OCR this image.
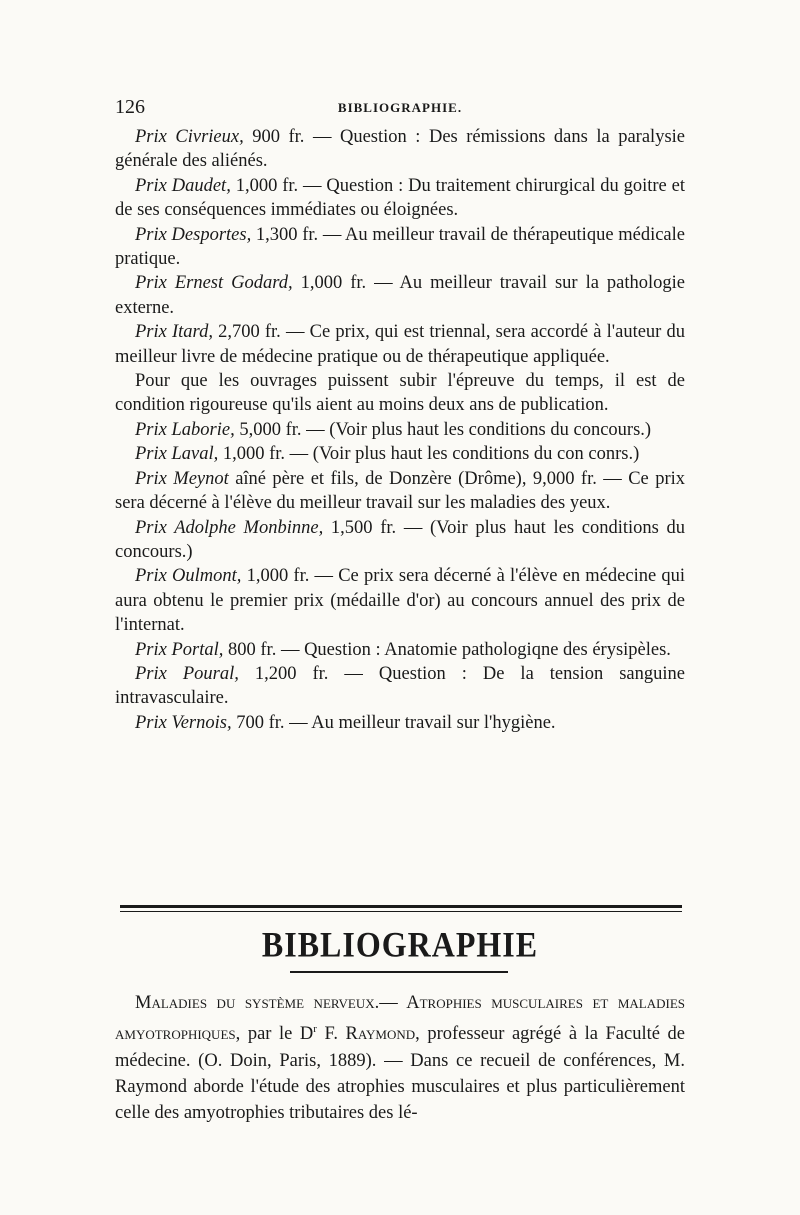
126	BIBLIOGRAPHIE.

Prix Civrieux, 900 fr. — Question : Des rémissions dans la paralysie générale des aliénés.

Prix Daudet, 1,000 fr. — Question : Du traitement chirurgical du goitre et de ses conséquences immédiates ou éloignées.

Prix Desportes, 1,300 fr. — Au meilleur travail de thérapeutique médicale pratique.

Prix Ernest Godard, 1,000 fr. — Au meilleur travail sur la pathologie externe.

Prix Itard, 2,700 fr. — Ce prix, qui est triennal, sera accordé à l'auteur du meilleur livre de médecine pratique ou de thérapeutique appliquée.

Pour que les ouvrages puissent subir l'épreuve du temps, il est de condition rigoureuse qu'ils aient au moins deux ans de publication.

Prix Laborie, 5,000 fr. — (Voir plus haut les conditions du concours.)

Prix Laval, 1,000 fr. — (Voir plus haut les conditions du con conrs.)

Prix Meynot aîné père et fils, de Donzère (Drôme), 9,000 fr. — Ce prix sera décerné à l'élève du meilleur travail sur les maladies des yeux.

Prix Adolphe Monbinne, 1,500 fr. — (Voir plus haut les conditions du concours.)

Prix Oulmont, 1,000 fr. — Ce prix sera décerné à l'élève en médecine qui aura obtenu le premier prix (médaille d'or) au concours annuel des prix de l'internat.

Prix Portal, 800 fr. — Question : Anatomie pathologiqne des érysipèles.

Prix Poural, 1,200 fr. — Question : De la tension sanguine intravasculaire.

Prix Vernois, 700 fr. — Au meilleur travail sur l'hygiène.

BIBLIOGRAPHIE

Maladies du système nerveux.— Atrophies musculaires et maladies amyotrophiques, par le $D^r$ F. Raymond, professeur agrégé à la Faculté de médecine. (O. Doin, Paris, 1889). — Dans ce recueil de conférences, M. Raymond aborde l'étude des atrophies musculaires et plus particulièrement celle des amyotrophies tributaires des lé-
